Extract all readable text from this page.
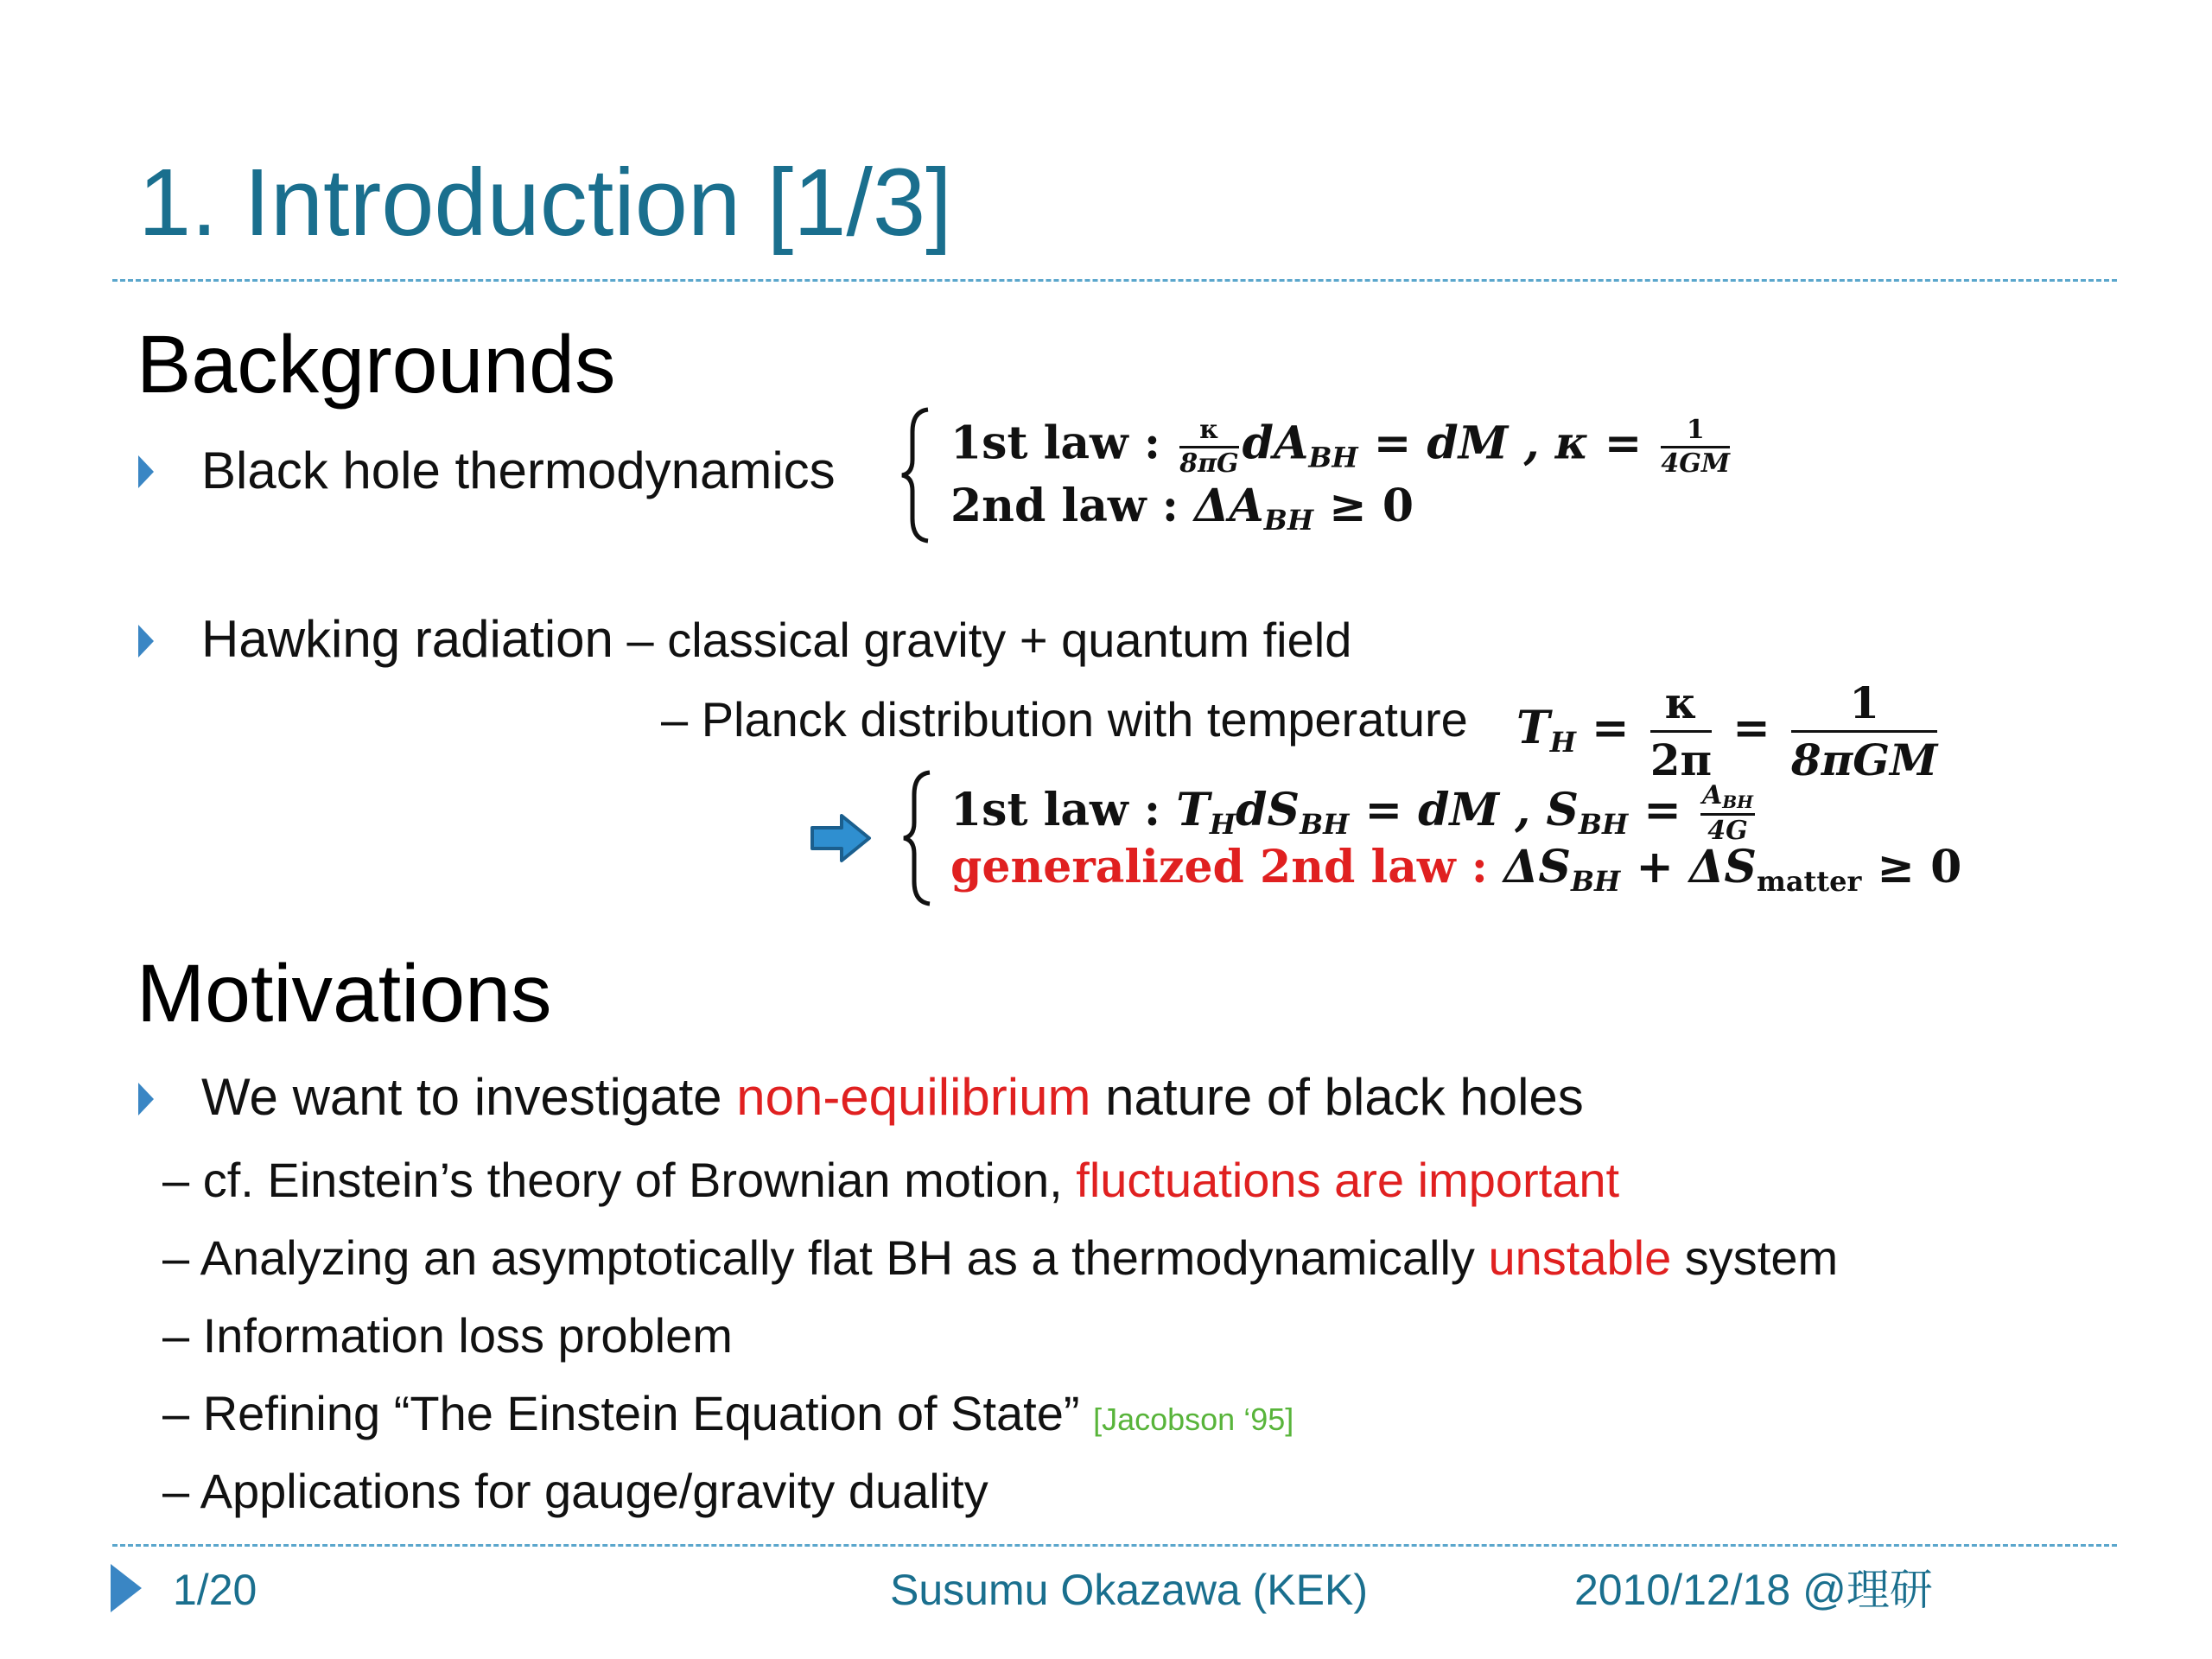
1. Introduction [1/3]
Backgrounds
Black hole thermodynamics	1st law : $\frac{\kappa}{8\pi G} dA_{BH}$ = dM , $\kappa = \frac{1}{4GM}$
2nd law : $\Delta A_{BH} \ge 0$
Hawking radiation – classical gravity + quantum field
– Planck distribution with temperature $T_H = \frac{\kappa}{2\pi} = \frac{1}{\text{8πGM}}$
1st law : $T_HdS_{BH}$ = dM , $S_{BH} = \frac{A_{BH}}{4G}$
generalized 2nd law : $\Delta S_{BH} + \Delta S_{matter} \ge 0$
Motivations
We want to investigate non-equilibrium nature of black holes
– cf. Einstein’s theory of Brownian motion, fluctuations are important
– Analyzing an asymptotically flat BH as a thermodynamically unstable system
– Information loss problem
– Refining “The Einstein Equation of State” [Jacobson ‘95]
– Applications for gauge/gravity duality
1/20	Susumu Okazawa (KEK)	2010/12/18 @理研
